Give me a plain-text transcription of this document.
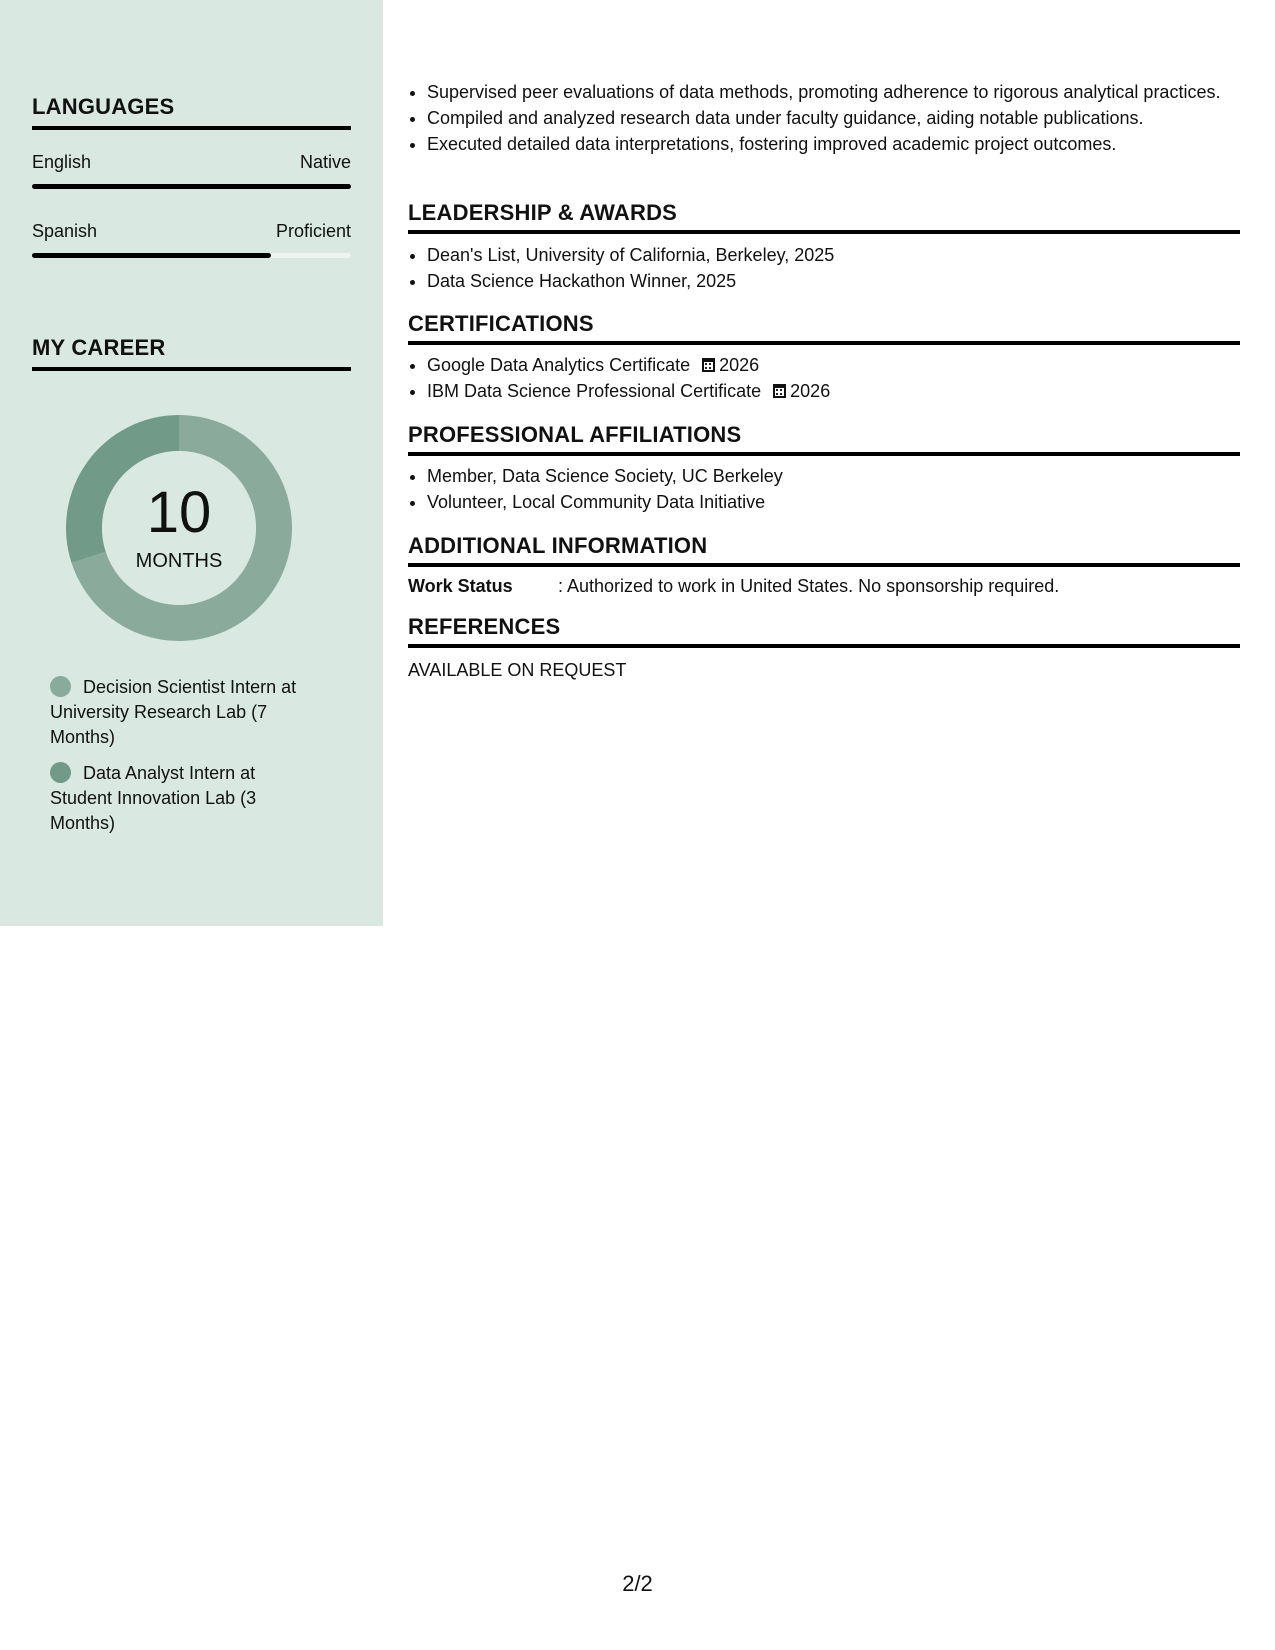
LANGUAGES
English	Native
Spanish	Proficient
MY CAREER
10
MONTHS
Decision Scientist Intern at University Research Lab (7 Months)
Data Analyst Intern at Student Innovation Lab (3 Months)
• Supervised peer evaluations of data methods, promoting adherence to rigorous analytical practices.
• Compiled and analyzed research data under faculty guidance, aiding notable publications.
• Executed detailed data interpretations, fostering improved academic project outcomes.
LEADERSHIP & AWARDS
• Dean's List, University of California, Berkeley, 2025
• Data Science Hackathon Winner, 2025
CERTIFICATIONS
• Google Data Analytics Certificate 2026
• IBM Data Science Professional Certificate 2026
PROFESSIONAL AFFILIATIONS
• Member, Data Science Society, UC Berkeley
• Volunteer, Local Community Data Initiative
ADDITIONAL INFORMATION
Work Status	: Authorized to work in United States. No sponsorship required.
REFERENCES
AVAILABLE ON REQUEST
2/2
